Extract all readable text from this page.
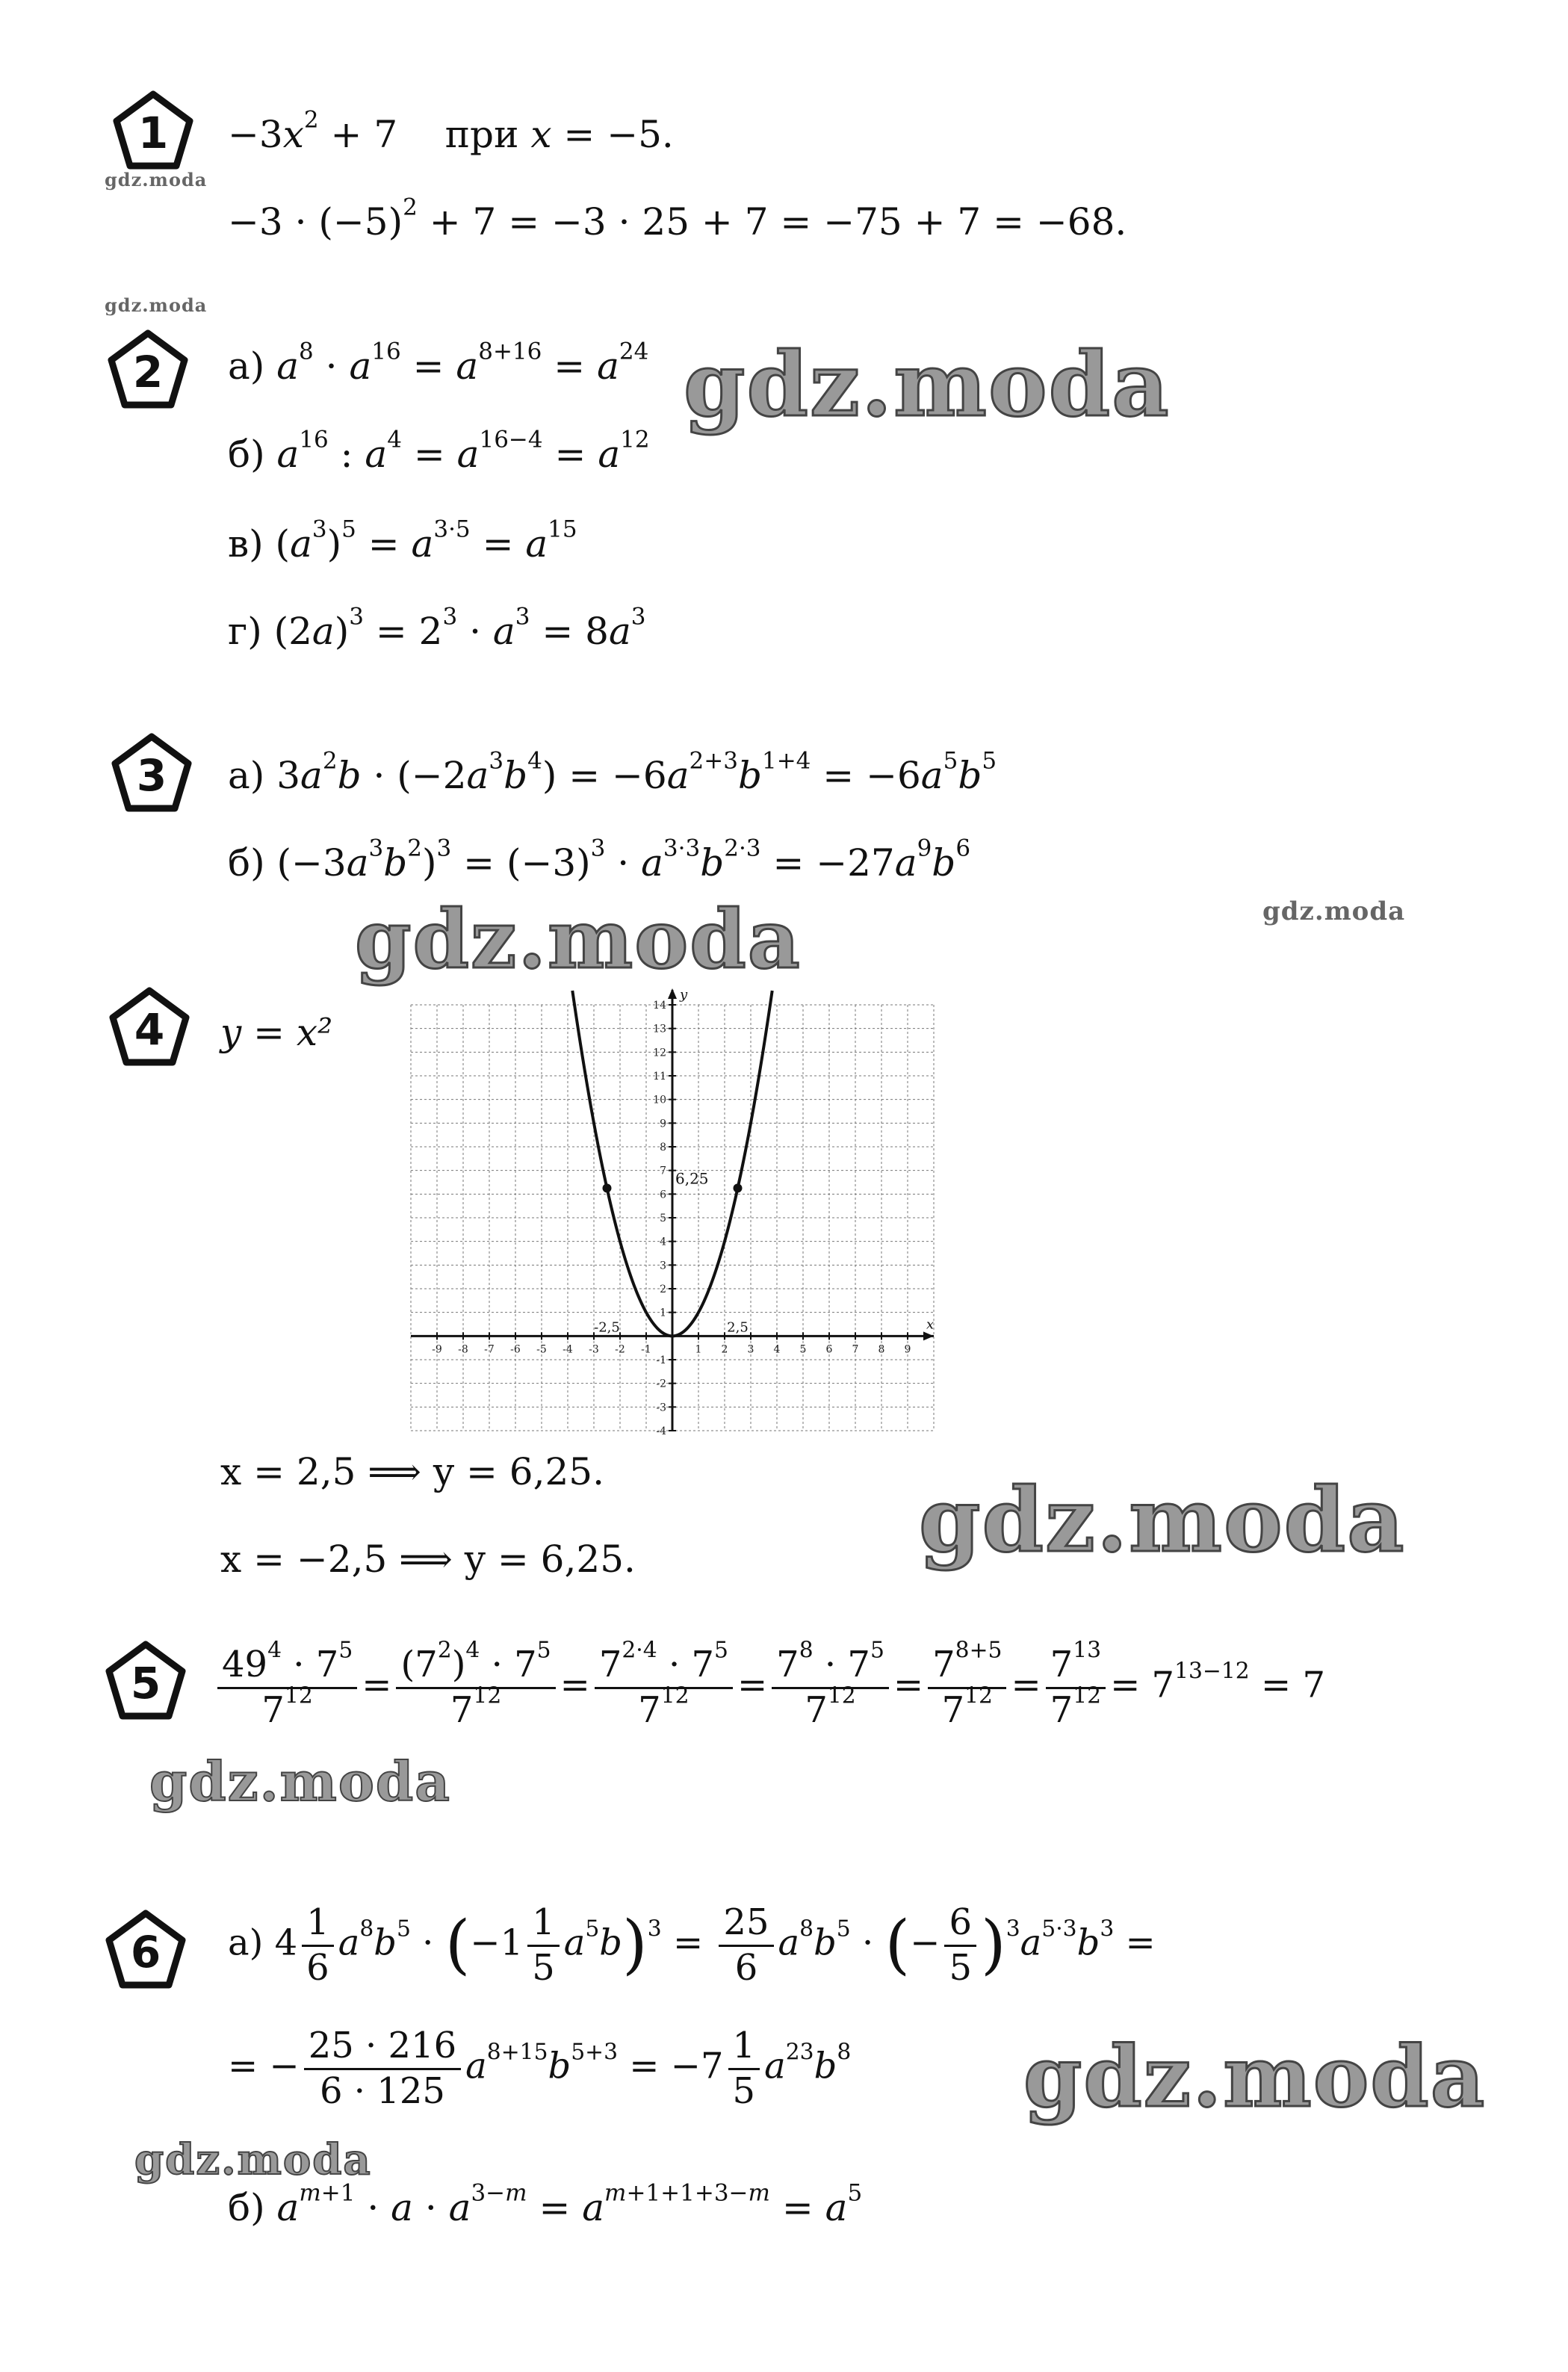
1
gdz.moda
$-3x^2 + 7$    при x = −5.
$-3 \cdot (-5)^2 + 7 = -3 \cdot 25 + 7 = -75 + 7 = -68$.
gdz.moda
2	а) $a^8 \cdot a^{16} = a^{8+16} = a^{24}$ gdz.moda
б) $a^{16}$ : $a^4 = a^{16-4} = a^{12}$
в) $(a^3)^5 = a^{3\cdot 5} = a^{15}$
г) $(2a)^3 = 2^3 \cdot a^3 = 8a^3$
3	а) $3a^2b \cdot (-2a^3b^4) = -6a^{2+3}b^{1+4} = -6a^5b^5$
б) $(-3a^3b^2)^3 = (-3)^3 \cdot a^{3\cdot 3}b^{2\cdot 3} = -27a^9b^6$
gdz.moda
gdz.moda
4	y = x²
x
y
-9 -8 -7 -6 -5 -4 -3 -2 -1	1 2 3 4 5 6 7 8 9
-4
-3
-2
-1
1
2
3
4
5
6
7
8
9
10
11
12
13
14
6,25
-2,5	2,5
x = 2,5 ⟹ y = 6,25.
x = −2,5 ⟹ y = 6,25.	gdz.moda
5	$\frac{49^4 \cdot 7^5}{7^{12}} = \frac{(7^2)^4 \cdot 7^5}{7^{12}} = \frac{7^{2\cdot 4} \cdot 7^5}{7^{12}} = \frac{7^8 \cdot 7^5}{7^{12}} = \frac{7^{8+5}}{7^{12}} = \frac{7^{13}}{7^{12}} = 7^{13-12} = 7$
gdz.moda
6	а) $4 \frac{1}{6} a^8b^5 \cdot (-1 \frac{1}{5} a^5b)^3 = \frac{25}{6} a^8b^5$ · (− $\frac{6}{5} )^3a^{5\cdot 3}b^3$ =
= − $\frac{25 \cdot 216}{6 \cdot 125} a^{8+15}b^{5+3} = -7 \frac{1}{5} a^{23}b^8$ gdz.moda
gdz.moda
б) $a^{m+1} \cdot a \cdot a^{3-m} = a^{m+1+1+3-m} = a^5$
